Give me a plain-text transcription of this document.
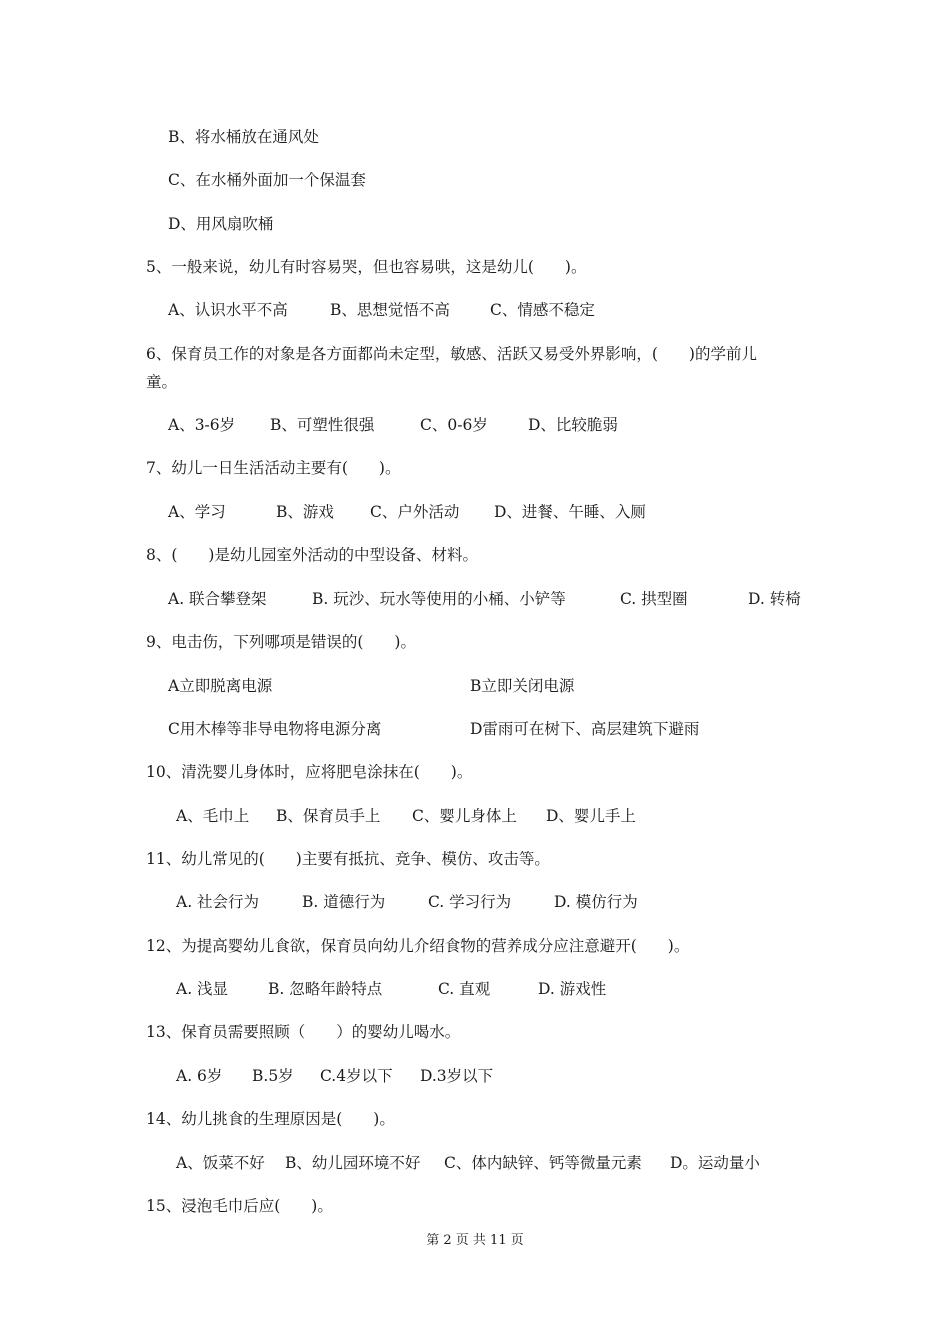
B、将水桶放在通风处
C、在水桶外面加一个保温套
D、用风扇吹桶
5、一般来说，幼儿有时容易哭，但也容易哄，这是幼儿(　　)。
A、认识水平不高	B、思想觉悟不高	C、情感不稳定
6、保育员工作的对象是各方面都尚未定型，敏感、活跃又易受外界影响，(　　)的学前儿
童。
A、3-6岁 B、可塑性很强	C、0-6岁	D、比较脆弱
7、幼儿一日生活活动主要有(　　)。
A、学习	B、游戏 C、户外活动 D、进餐、午睡、入厕
8、(　　)是幼儿园室外活动的中型设备、材料。
A. 联合攀登架	B. 玩沙、玩水等使用的小桶、小铲等	C. 拱型圈	D. 转椅
9、电击伤，下列哪项是错误的(　　)。
A立即脱离电源	B立即关闭电源
C用木棒等非导电物将电源分离	D雷雨可在树下、高层建筑下避雨
10、清洗婴儿身体时，应将肥皂涂抹在(　　)。
A、毛巾上 B、保育员手上 C、婴儿身体上 D、婴儿手上
11、幼儿常见的(　　)主要有抵抗、竞争、模仿、攻击等。
A. 社会行为	B. 道德行为	C. 学习行为	D. 模仿行为
12、为提高婴幼儿食欲，保育员向幼儿介绍食物的营养成分应注意避开(　　)。
A. 浅显	B. 忽略年龄特点	C. 直观	D. 游戏性
13、保育员需要照顾（　　）的婴幼儿喝水。
A. 6岁 B.5岁 C.4岁以下 D.3岁以下
14、幼儿挑食的生理原因是(　　)。
A、饭菜不好 B、幼儿园环境不好 C、体内缺锌、钙等微量元素 D。运动量小
15、浸泡毛巾后应(　　)。
第 2 页 共 11 页
